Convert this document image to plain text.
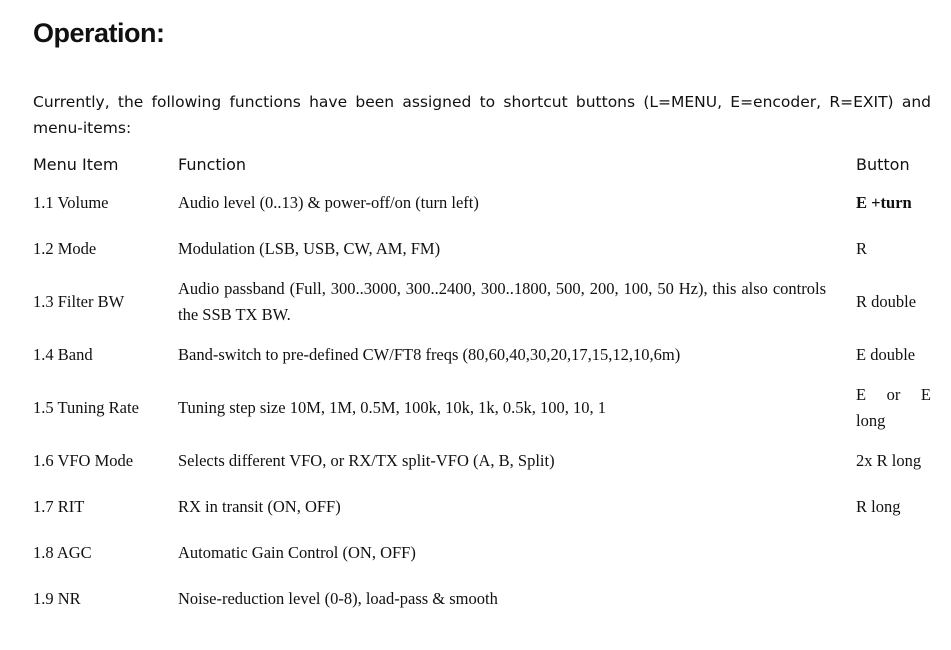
Operation:

Currently, the following functions have been assigned to shortcut buttons (L=MENU, E=encoder, R=EXIT) and menu-items:

Menu Item	Function	Button
1.1 Volume	Audio level (0..13) & power-off/on (turn left)	E +turn
1.2 Mode	Modulation (LSB, USB, CW, AM, FM)	R
1.3 Filter BW	Audio passband (Full, 300..3000, 300..2400, 300..1800, 500, 200, 100, 50 Hz), this also controls the SSB TX BW.	R double
1.4 Band	Band-switch to pre-defined CW/FT8 freqs (80,60,40,30,20,17,15,12,10,6m)	E double
1.5 Tuning Rate	Tuning step size 10M, 1M, 0.5M, 100k, 10k, 1k, 0.5k, 100, 10, 1	E or E long
1.6 VFO Mode	Selects different VFO, or RX/TX split-VFO (A, B, Split)	2x R long
1.7 RIT	RX in transit (ON, OFF)	R long
1.8 AGC	Automatic Gain Control (ON, OFF)	
1.9 NR	Noise-reduction level (0-8), load-pass & smooth	
